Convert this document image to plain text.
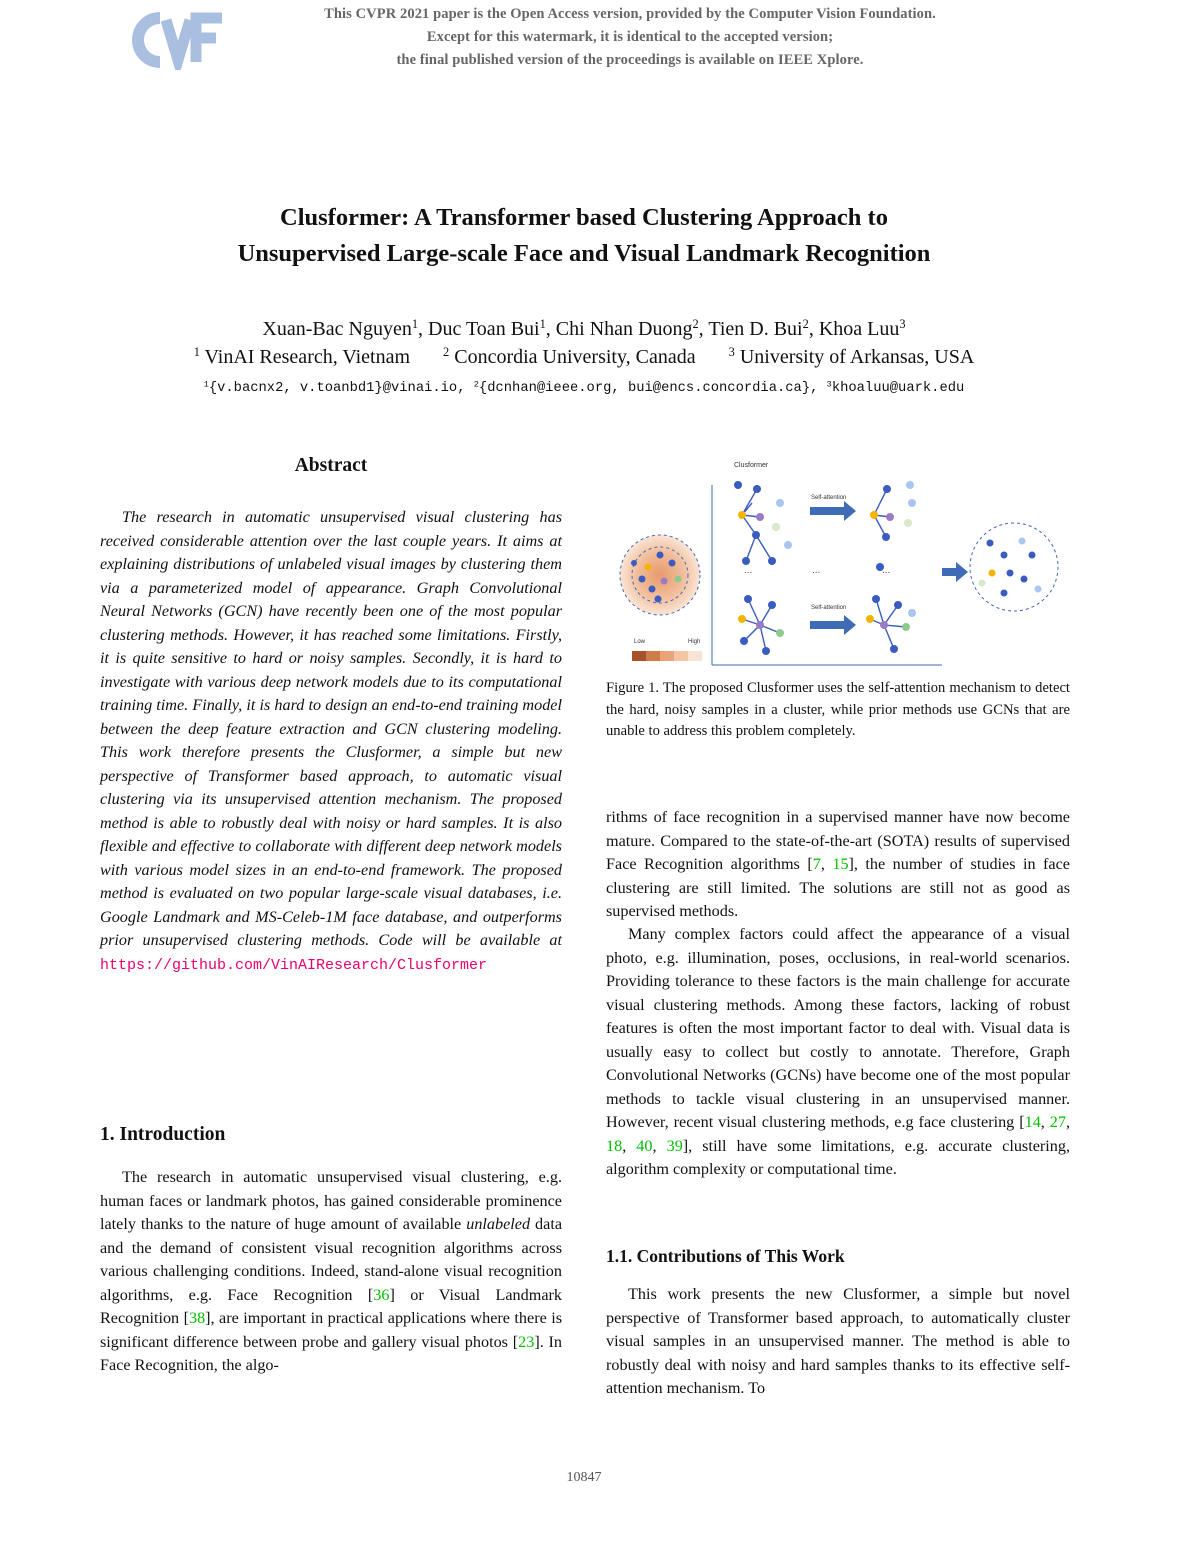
This CVPR 2021 paper is the Open Access version, provided by the Computer Vision Foundation.
Except for this watermark, it is identical to the accepted version;
the final published version of the proceedings is available on IEEE Xplore.
Clusformer: A Transformer based Clustering Approach to
Unsupervised Large-scale Face and Visual Landmark Recognition
Xuan-Bac Nguyen$^1$, Duc Toan Bui$^1$, Chi Nhan Duong$^2$, Tien D. Bui$^2$, Khoa Luu$^3$
$^1$ VinAI Research, Vietnam	$^2$ Concordia University, Canada	$^3$ University of Arkansas, USA
$^1${v.bacnx2, v.toanbd1}@vinai.io, $^2${dcnhan@ieee.org, bui@encs.concordia.ca}, $^3$khoaluu@uark.edu
Abstract

The research in automatic unsupervised visual clustering has received considerable attention over the last couple years. It aims at explaining distributions of unlabeled visual images by clustering them via a parameterized model of appearance. Graph Convolutional Neural Networks (GCN) have recently been one of the most popular clustering methods. However, it has reached some limitations. Firstly, it is quite sensitive to hard or noisy samples. Secondly, it is hard to investigate with various deep network models due to its computational training time. Finally, it is hard to design an end-to-end training model between the deep feature extraction and GCN clustering modeling. This work therefore presents the Clusformer, a simple but new perspective of Transformer based approach, to automatic visual clustering via its unsupervised attention mechanism. The proposed method is able to robustly deal with noisy or hard samples. It is also flexible and effective to collaborate with different deep network models with various model sizes in an end-to-end framework. The proposed method is evaluated on two popular large-scale visual databases, i.e. Google Landmark and MS-Celeb-1M face database, and outperforms prior unsupervised clustering methods. Code will be available at https://github.com/VinAIResearch/Clusformer

1. Introduction

The research in automatic unsupervised visual clustering, e.g. human faces or landmark photos, has gained considerable prominence lately thanks to the nature of huge amount of available unlabeled data and the demand of consistent visual recognition algorithms across various challenging conditions. Indeed, stand-alone visual recognition algorithms, e.g. Face Recognition [36] or Visual Landmark Recognition [38], are important in practical applications where there is significant difference between probe and gallery visual photos [23]. In Face Recognition, the algo-

Clusformer
Self-attention
...	...	...
Self-attention
Low	High

Figure 1. The proposed Clusformer uses the self-attention mechanism to detect the hard, noisy samples in a cluster, while prior methods use GCNs that are unable to address this problem completely.

rithms of face recognition in a supervised manner have now become mature. Compared to the state-of-the-art (SOTA) results of supervised Face Recognition algorithms [7, 15], the number of studies in face clustering are still limited. The solutions are still not as good as supervised methods.

Many complex factors could affect the appearance of a visual photo, e.g. illumination, poses, occlusions, in real-world scenarios. Providing tolerance to these factors is the main challenge for accurate visual clustering methods. Among these factors, lacking of robust features is often the most important factor to deal with. Visual data is usually easy to collect but costly to annotate. Therefore, Graph Convolutional Networks (GCNs) have become one of the most popular methods to tackle visual clustering in an unsupervised manner. However, recent visual clustering methods, e.g face clustering [14, 27, 18, 40, 39], still have some limitations, e.g. accurate clustering, algorithm complexity or computational time.

1.1. Contributions of This Work

This work presents the new Clusformer, a simple but novel perspective of Transformer based approach, to automatically cluster visual samples in an unsupervised manner. The method is able to robustly deal with noisy and hard samples thanks to its effective self-attention mechanism. To

10847
